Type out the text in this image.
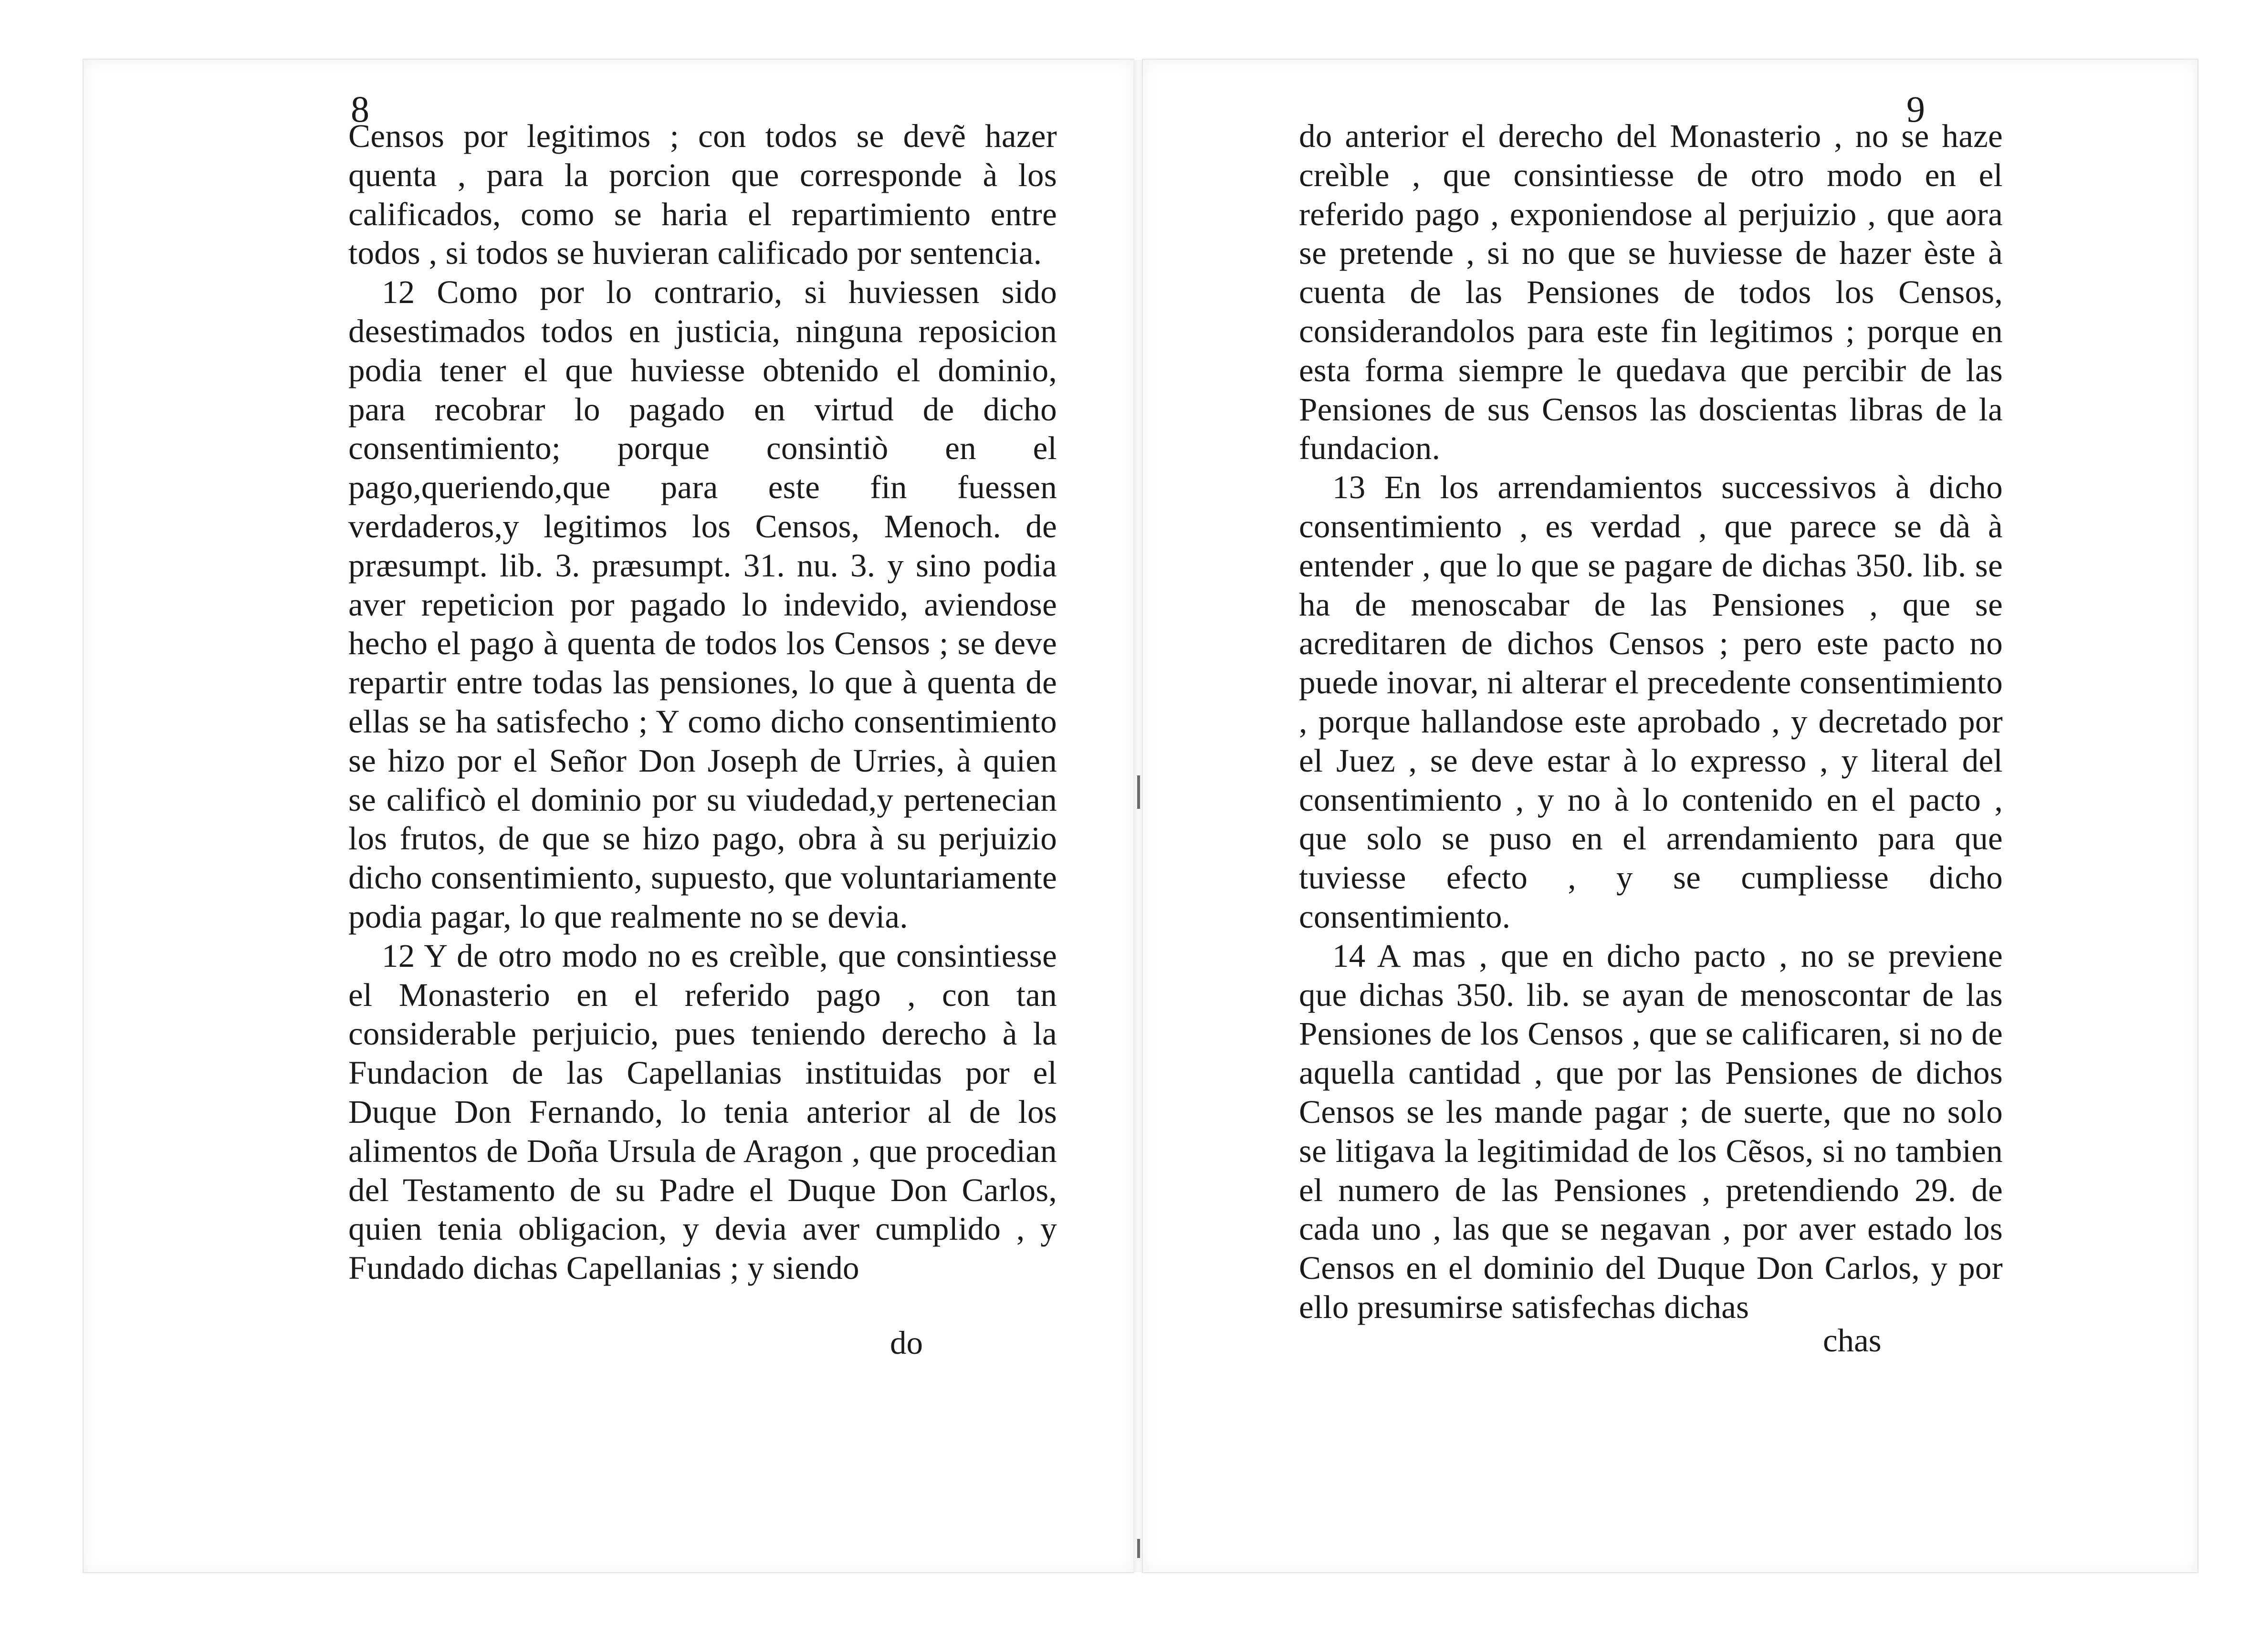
8

Censos por legitimos ; con todos se devẽ hazer quenta , para la porcion que corresponde à los calificados, como se haria el repartimiento entre todos , si todos se huvieran calificado por sentencia.

12 Como por lo contrario, si huviessen sido desestimados todos en justicia, ninguna reposicion podia tener el que huviesse obtenido el dominio, para recobrar lo pagado en virtud de dicho consentimiento; porque consintiò en el pago,queriendo,que para este fin fuessen verdaderos,y legitimos los Censos, Menoch. de præsumpt. lib. 3. præsumpt. 31. nu. 3. y sino podia aver repeticion por pagado lo indevido, aviendose hecho el pago à quenta de todos los Censos ; se deve repartir entre todas las pensiones, lo que à quenta de ellas se ha satisfecho ; Y como dicho consentimiento se hizo por el Señor Don Joseph de Urries, à quien se calificò el dominio por su viudedad,y pertenecian los frutos, de que se hizo pago, obra à su perjuizio dicho consentimiento, supuesto, que voluntariamente podia pagar, lo que realmente no se devia.

12 Y de otro modo no es creìble, que consintiesse el Monasterio en el referido pago , con tan considerable perjuicio, pues teniendo derecho à la Fundacion de las Capellanias instituidas por el Duque Don Fernando, lo tenia anterior al de los alimentos de Doña Ursula de Aragon , que procedian del Testamento de su Padre el Duque Don Carlos, quien tenia obligacion, y devia aver cumplido , y Fundado dichas Capellanias ; y siendo

do
9

do anterior el derecho del Monasterio , no se haze creìble , que consintiesse de otro modo en el referido pago , exponiendose al perjuizio , que aora se pretende , si no que se huviesse de hazer èste à cuenta de las Pensiones de todos los Censos, considerandolos para este fin legitimos ; porque en esta forma siempre le quedava que percibir de las Pensiones de sus Censos las doscientas libras de la fundacion.

13 En los arrendamientos successivos à dicho consentimiento , es verdad , que parece se dà à entender , que lo que se pagare de dichas 350. lib. se ha de menoscabar de las Pensiones , que se acreditaren de dichos Censos ; pero este pacto no puede inovar, ni alterar el precedente consentimiento , porque hallandose este aprobado , y decretado por el Juez , se deve estar à lo expresso , y literal del consentimiento , y no à lo contenido en el pacto , que solo se puso en el arrendamiento para que tuviesse efecto , y se cumpliesse dicho consentimiento.

14 A mas , que en dicho pacto , no se previene que dichas 350. lib. se ayan de menoscontar de las Pensiones de los Censos , que se calificaren, si no de aquella cantidad , que por las Pensiones de dichos Censos se les mande pagar ; de suerte, que no solo se litigava la legitimidad de los Cẽsos, si no tambien el numero de las Pensiones , pretendiendo 29. de cada uno , las que se negavan , por aver estado los Censos en el dominio del Duque Don Carlos, y por ello presumirse satisfechas dichas

chas
